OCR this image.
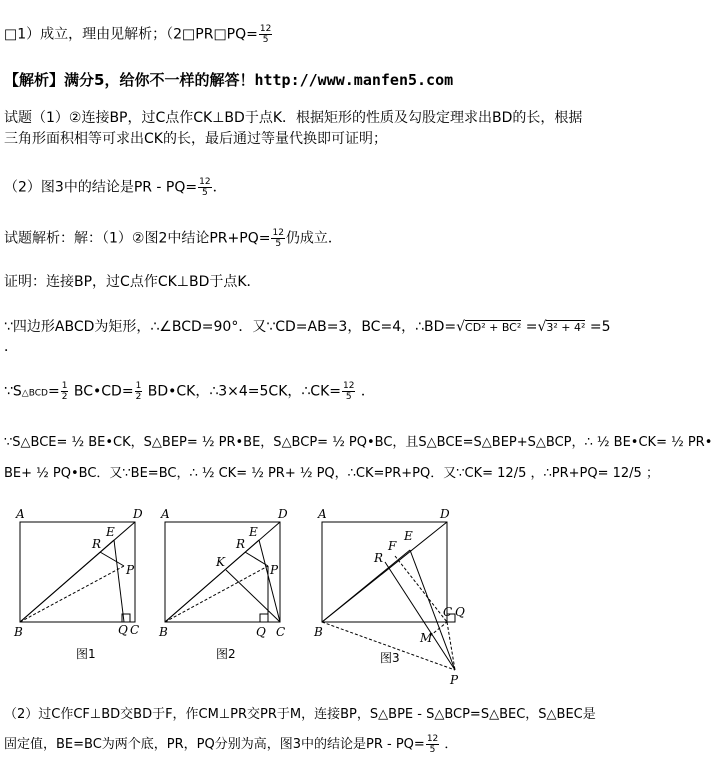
□1）成立，理由见解析；（2□PR□PQ= $\frac{12}{5}$
【解析】满分5，给你不一样的解答！http://www.manfen5.com
试题（1）②连接BP，过C点作CK⊥BD于点K．根据矩形的性质及勾股定理求出BD的长，根据
三角形面积相等可求出CK的长，最后通过等量代换即可证明；
（2）图3中的结论是PR - $PQ= \frac{12}{5}$ ．
试题解析：解：（1）②图2中结论$PR+PQ= \frac{12}{5}$ 仍成立．
证明：连接BP，过C点作CK⊥BD于点K．
∵四边形ABCD为矩形，∴∠BCD=90°．又∵CD=AB=3，BC=4，∴BD=√CD² + BC² =√3² + 4² =5
．
∵S△BCD= $\frac{1}{2}$ BC•CD= $\frac{1}{2}$ BD•CK，∴3×4=5CK，∴CK= $\frac{12}{5}$ ．
∵S△BCE= ½ BE•CK，S△BEP= ½ PR•BE，S△BCP= ½ PQ•BC，且S△BCE=S△BEP+S△BCP，∴ ½ BE•CK= ½ PR•
BE+ ½ PQ•BC．又∵BE=BC，∴ ½ CK= ½ PR+ ½ PQ，∴CK=PR+PQ．又∵CK= 12/5 ，∴PR+PQ= 12/5 ；
A	D
E
R
P
B	Q C
图1
A	D
E
R
K
P
B	Q C
图2
A	D
E
F
R
C Q
M
B
P
图3
（2）过C作CF⊥BD交BD于F，作CM⊥PR交PR于M，连接BP，S△BPE - S△BCP=S△BEC，S△BEC是
固定值，BE=BC为两个底，PR，PQ分别为高，图3中的结论是PR - $PQ= \frac{12}{5}$ ．
